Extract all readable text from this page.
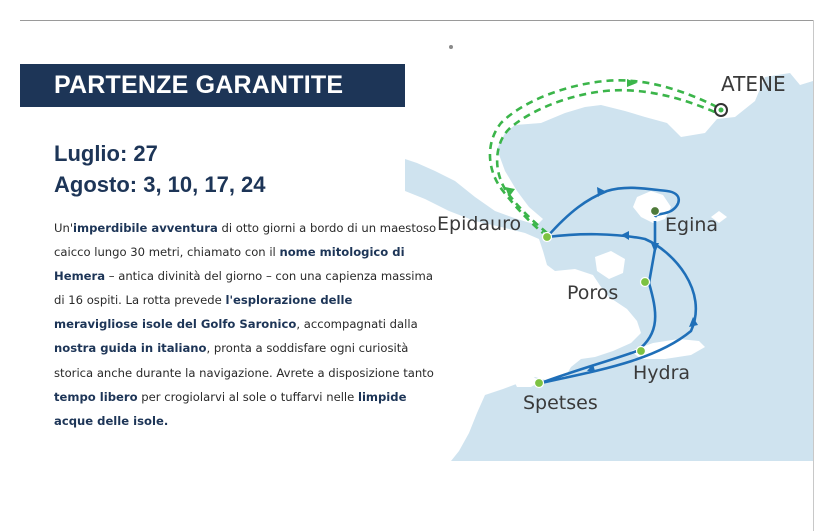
ATENE
Epidauro	Egina
Poros
Hydra
Spetses
PARTENZE GARANTITE
Luglio: 27
Agosto: 3, 10, 17, 24
Un'imperdibile avventura di otto giorni a bordo di un maestoso caicco lungo 30 metri, chiamato con il nome mitologico di Hemera – antica divinità del giorno – con una capienza massima di 16 ospiti. La rotta prevede l'esplorazione delle meravigliose isole del Golfo Saronico, accompagnati dalla nostra guida in italiano, pronta a soddisfare ogni curiosità storica anche durante la navigazione. Avrete a disposizione tanto tempo libero per crogiolarvi al sole o tuffarvi nelle limpide acque delle isole.
